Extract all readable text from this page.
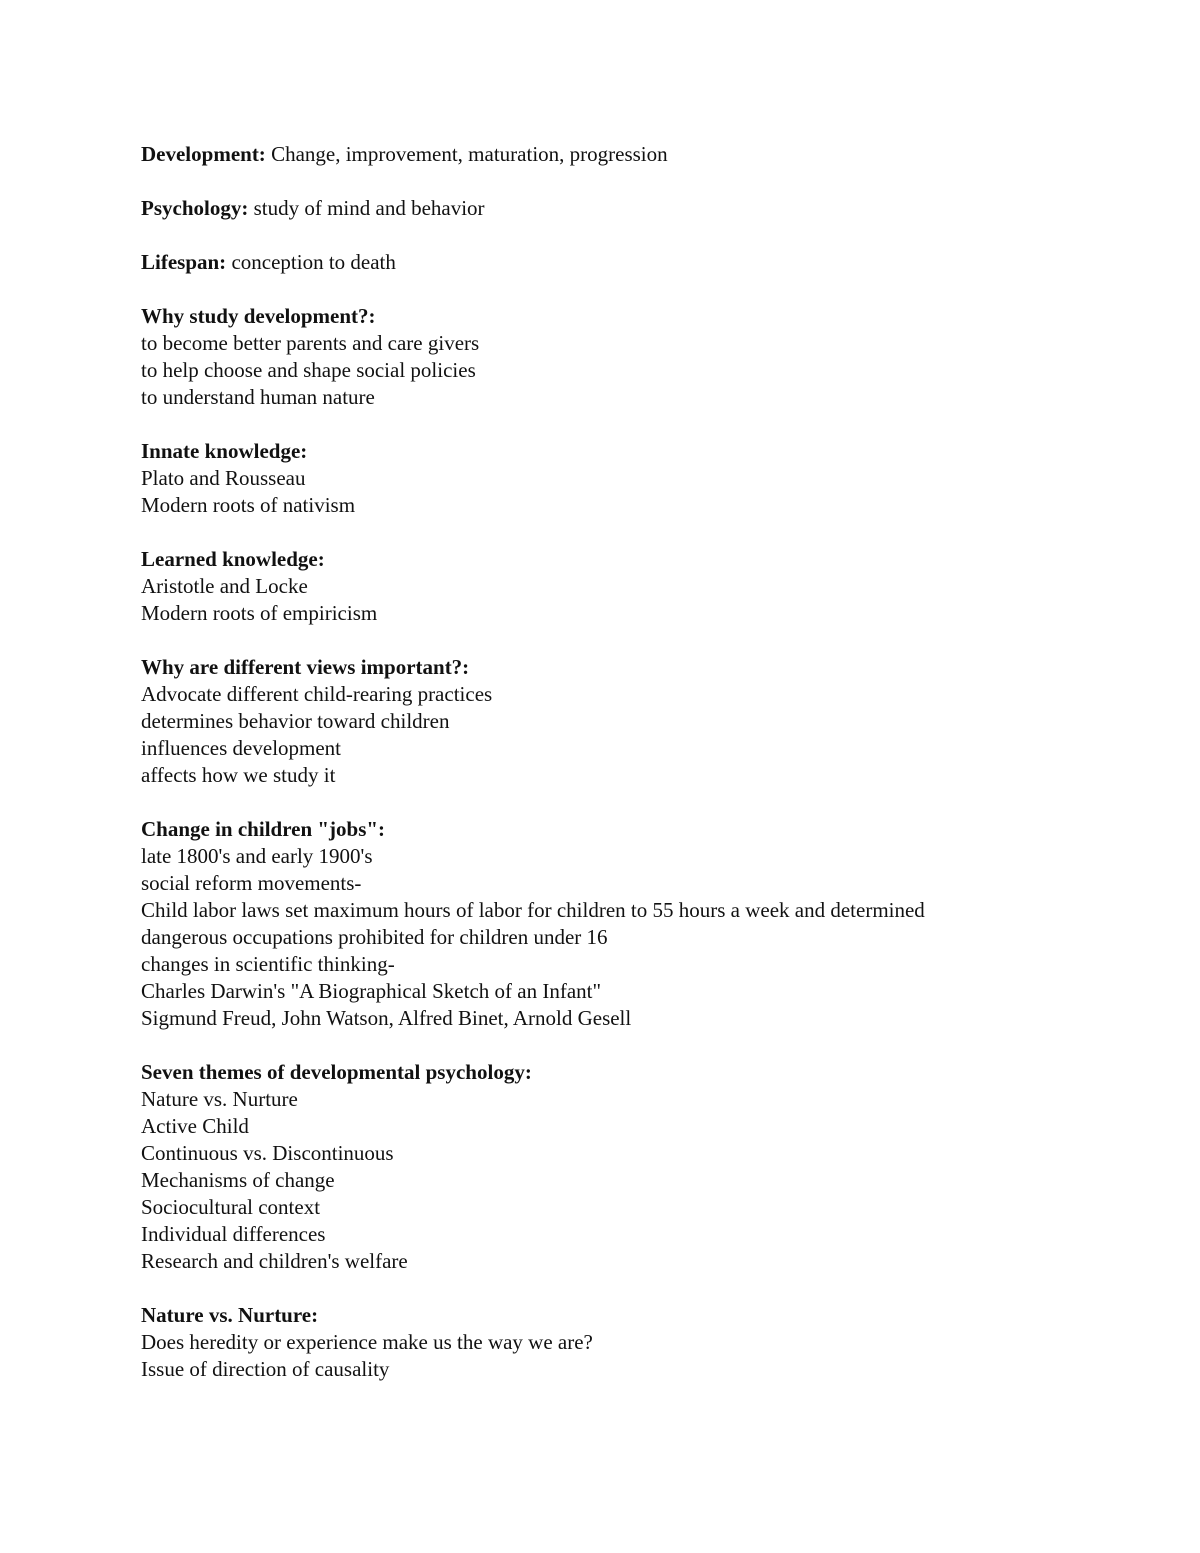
Development: Change, improvement, maturation, progression
Psychology: study of mind and behavior
Lifespan: conception to death
Why study development?:
to become better parents and care givers
to help choose and shape social policies
to understand human nature
Innate knowledge:
Plato and Rousseau
Modern roots of nativism
Learned knowledge:
Aristotle and Locke
Modern roots of empiricism
Why are different views important?:
Advocate different child-rearing practices
determines behavior toward children
influences development
affects how we study it
Change in children "jobs":
late 1800's and early 1900's
social reform movements-
Child labor laws set maximum hours of labor for children to 55 hours a week and determined
dangerous occupations prohibited for children under 16
changes in scientific thinking-
Charles Darwin's "A Biographical Sketch of an Infant"
Sigmund Freud, John Watson, Alfred Binet, Arnold Gesell
Seven themes of developmental psychology:
Nature vs. Nurture
Active Child
Continuous vs. Discontinuous
Mechanisms of change
Sociocultural context
Individual differences
Research and children's welfare
Nature vs. Nurture:
Does heredity or experience make us the way we are?
Issue of direction of causality
